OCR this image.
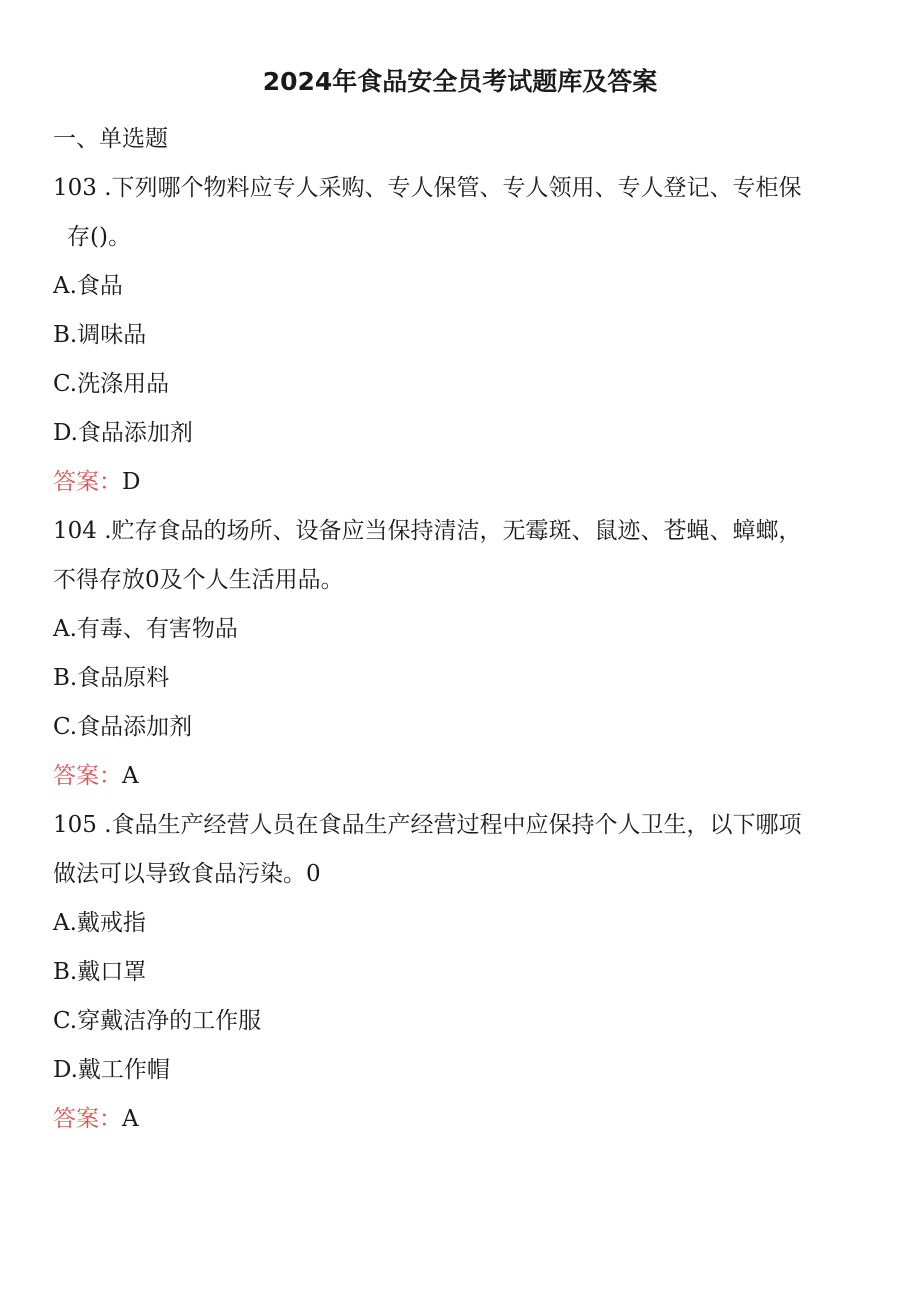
2024年食品安全员考试题库及答案
一、单选题
103 .下列哪个物料应专人采购、专人保管、专人领用、专人登记、专柜保
存()。
A.食品
B.调味品
C.洗涤用品
D.食品添加剂
答案：D
104 .贮存食品的场所、设备应当保持清洁，无霉斑、鼠迹、苍蝇、蟑螂，
不得存放0及个人生活用品。
A.有毒、有害物品
B.食品原料
C.食品添加剂
答案：A
105 .食品生产经营人员在食品生产经营过程中应保持个人卫生，以下哪项
做法可以导致食品污染。0
A.戴戒指
B.戴口罩
C.穿戴洁净的工作服
D.戴工作帽
答案：A
